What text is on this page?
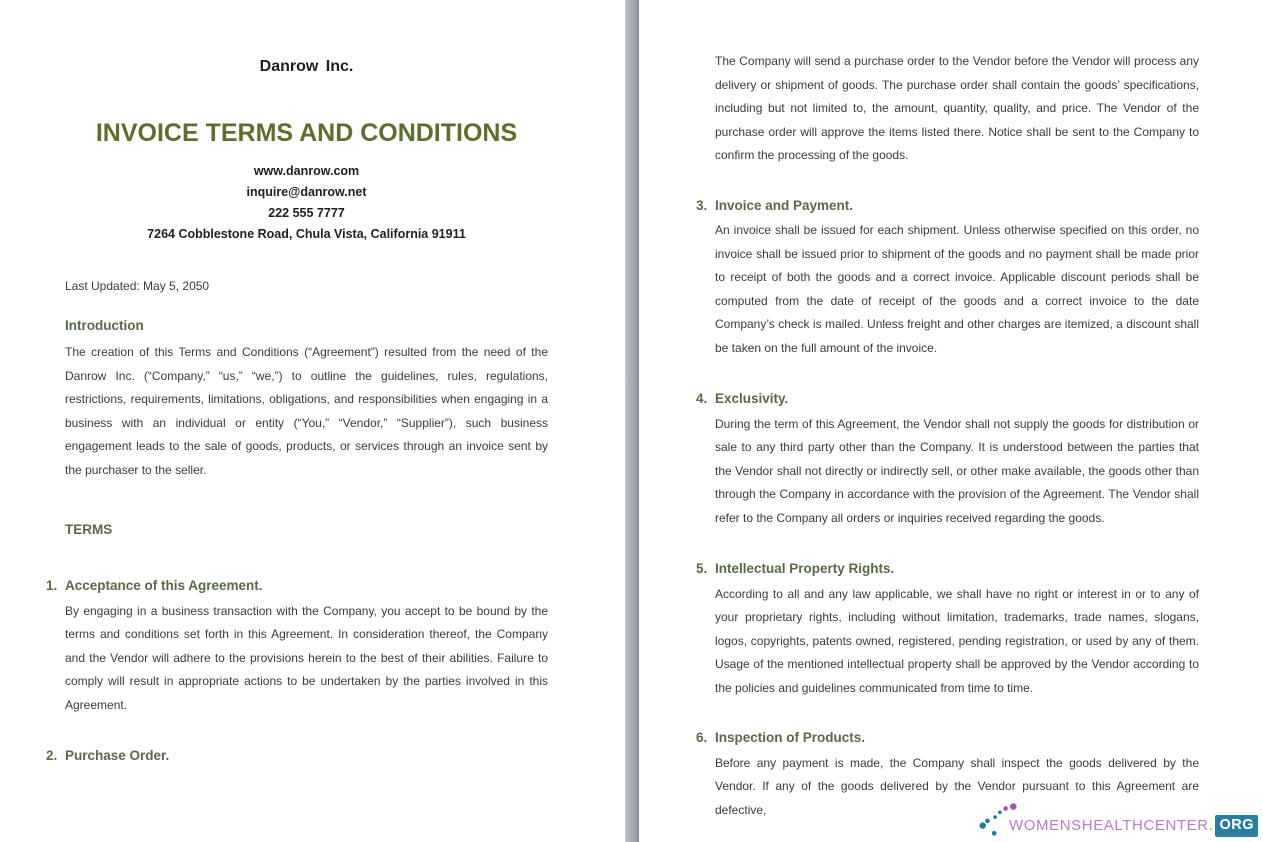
Danrow Inc.
INVOICE TERMS AND CONDITIONS
www.danrow.com
inquire@danrow.net
222 555 7777
7264 Cobblestone Road, Chula Vista, California 91911

Last Updated: May 5, 2050

Introduction

The creation of this Terms and Conditions (“Agreement”) resulted from the need of the Danrow Inc. (“Company,” “us,” “we,”) to outline the guidelines, rules, regulations, restrictions, requirements, limitations, obligations, and responsibilities when engaging in a business with an individual or entity (“You,” “Vendor,” “Supplier”), such business engagement leads to the sale of goods, products, or services through an invoice sent by the purchaser to the seller.

TERMS
1. Acceptance of this Agreement.

By engaging in a business transaction with the Company, you accept to be bound by the terms and conditions set forth in this Agreement. In consideration thereof, the Company and the Vendor will adhere to the provisions herein to the best of their abilities. Failure to comply will result in appropriate actions to be undertaken by the parties involved in this Agreement.

2. Purchase Order.

The Company will send a purchase order to the Vendor before the Vendor will process any delivery or shipment of goods. The purchase order shall contain the goods’ specifications, including but not limited to, the amount, quantity, quality, and price. The Vendor of the purchase order will approve the items listed there. Notice shall be sent to the Company to confirm the processing of the goods.

3. Invoice and Payment.

An invoice shall be issued for each shipment. Unless otherwise specified on this order, no invoice shall be issued prior to shipment of the goods and no payment shall be made prior to receipt of both the goods and a correct invoice. Applicable discount periods shall be computed from the date of receipt of the goods and a correct invoice to the date Company’s check is mailed. Unless freight and other charges are itemized, a discount shall be taken on the full amount of the invoice.

4. Exclusivity.

During the term of this Agreement, the Vendor shall not supply the goods for distribution or sale to any third party other than the Company. It is understood between the parties that the Vendor shall not directly or indirectly sell, or other make available, the goods other than through the Company in accordance with the provision of the Agreement. The Vendor shall refer to the Company all orders or inquiries received regarding the goods.

5. Intellectual Property Rights.

According to all and any law applicable, we shall have no right or interest in or to any of your proprietary rights, including without limitation, trademarks, trade names, slogans, logos, copyrights, patents owned, registered, pending registration, or used by any of them. Usage of the mentioned intellectual property shall be approved by the Vendor according to the policies and guidelines communicated from time to time.

6. Inspection of Products.

Before any payment is made, the Company shall inspect the goods delivered by the Vendor. If any of the goods delivered by the Vendor pursuant to this Agreement are defective,

WOMENSHEALTHCENTER. ORG
